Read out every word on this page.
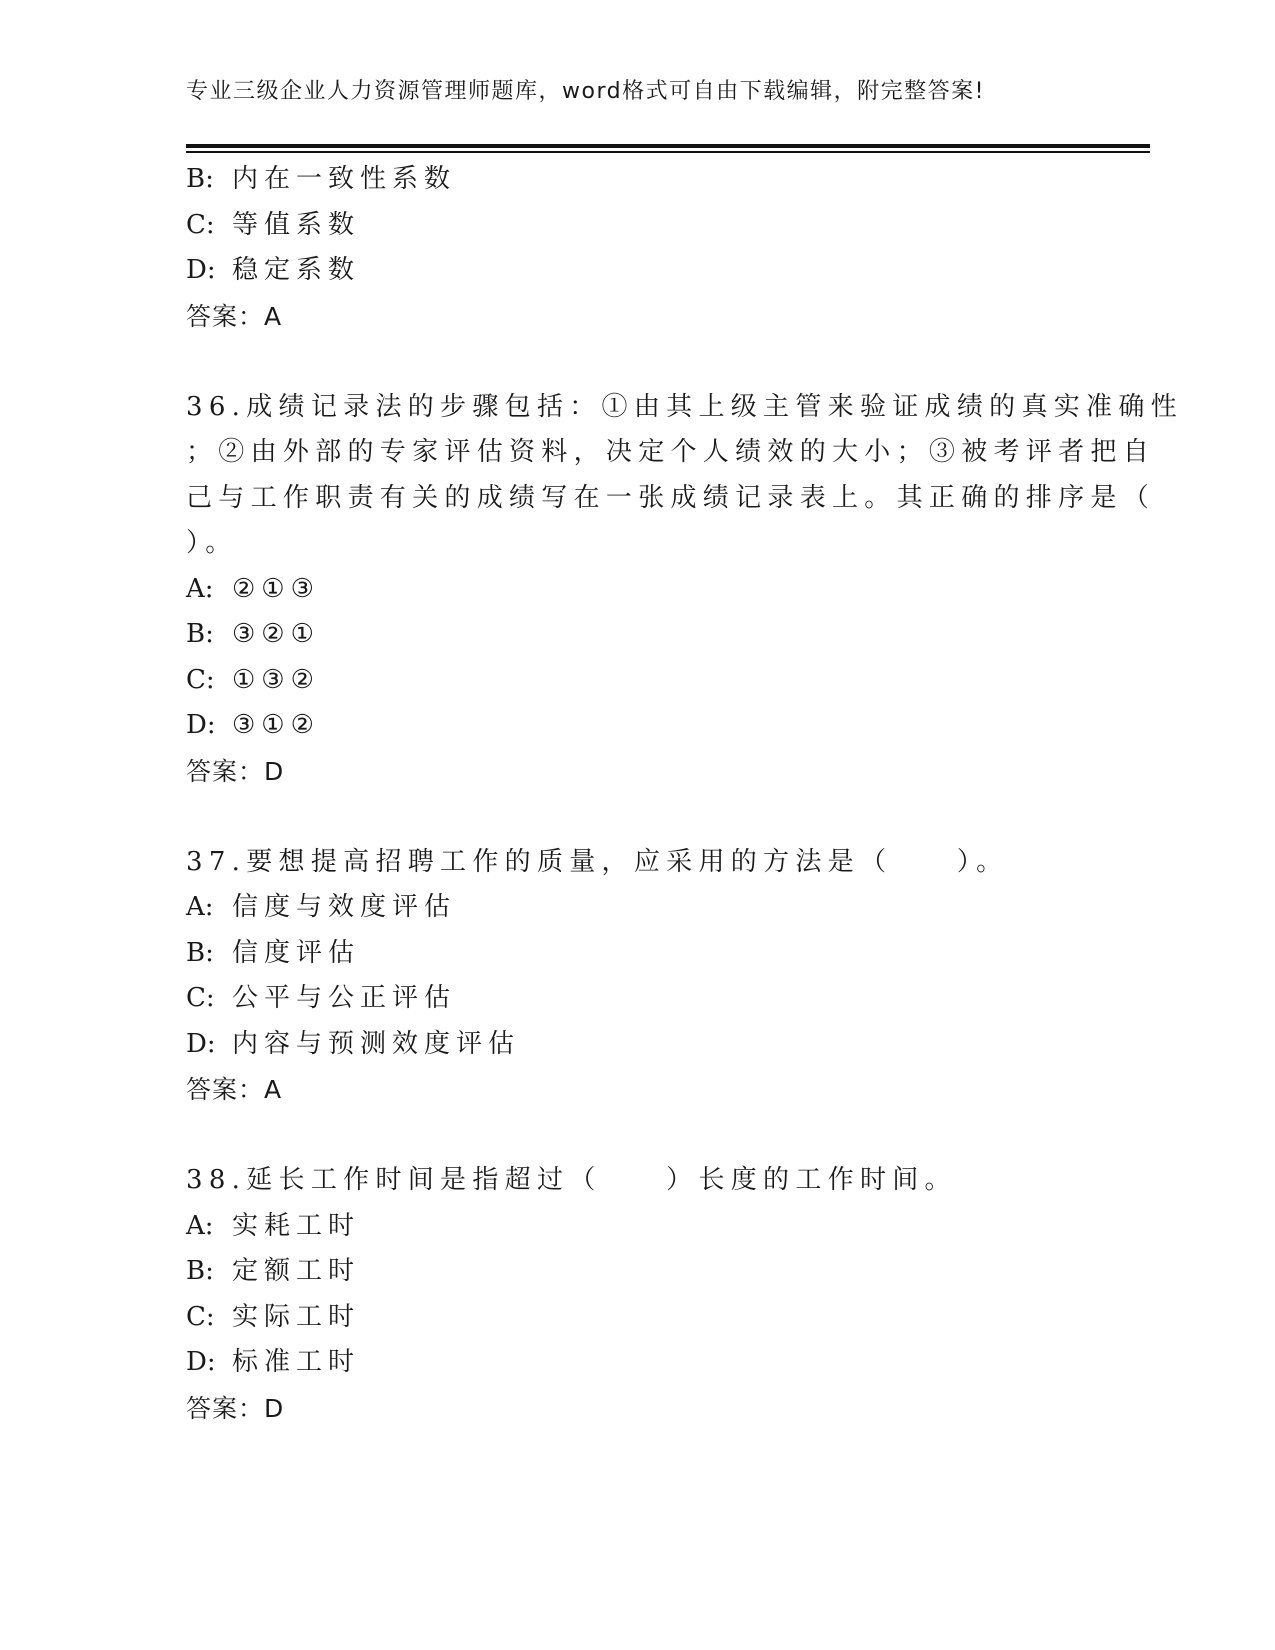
专业三级企业人力资源管理师题库，word格式可自由下载编辑，附完整答案!
B: 内在一致性系数
C: 等值系数
D: 稳定系数
答案：A
36.成绩记录法的步骤包括：①由其上级主管来验证成绩的真实准确性
；②由外部的专家评估资料，决定个人绩效的大小；③被考评者把自
己与工作职责有关的成绩写在一张成绩记录表上。其正确的排序是（
）。
A: ②①③
B: ③②①
C: ①③②
D: ③①②
答案：D
37.要想提高招聘工作的质量，应采用的方法是（　　）。
A: 信度与效度评估
B: 信度评估
C: 公平与公正评估
D: 内容与预测效度评估
答案：A
38.延长工作时间是指超过（　　）长度的工作时间。
A: 实耗工时
B: 定额工时
C: 实际工时
D: 标准工时
答案：D
